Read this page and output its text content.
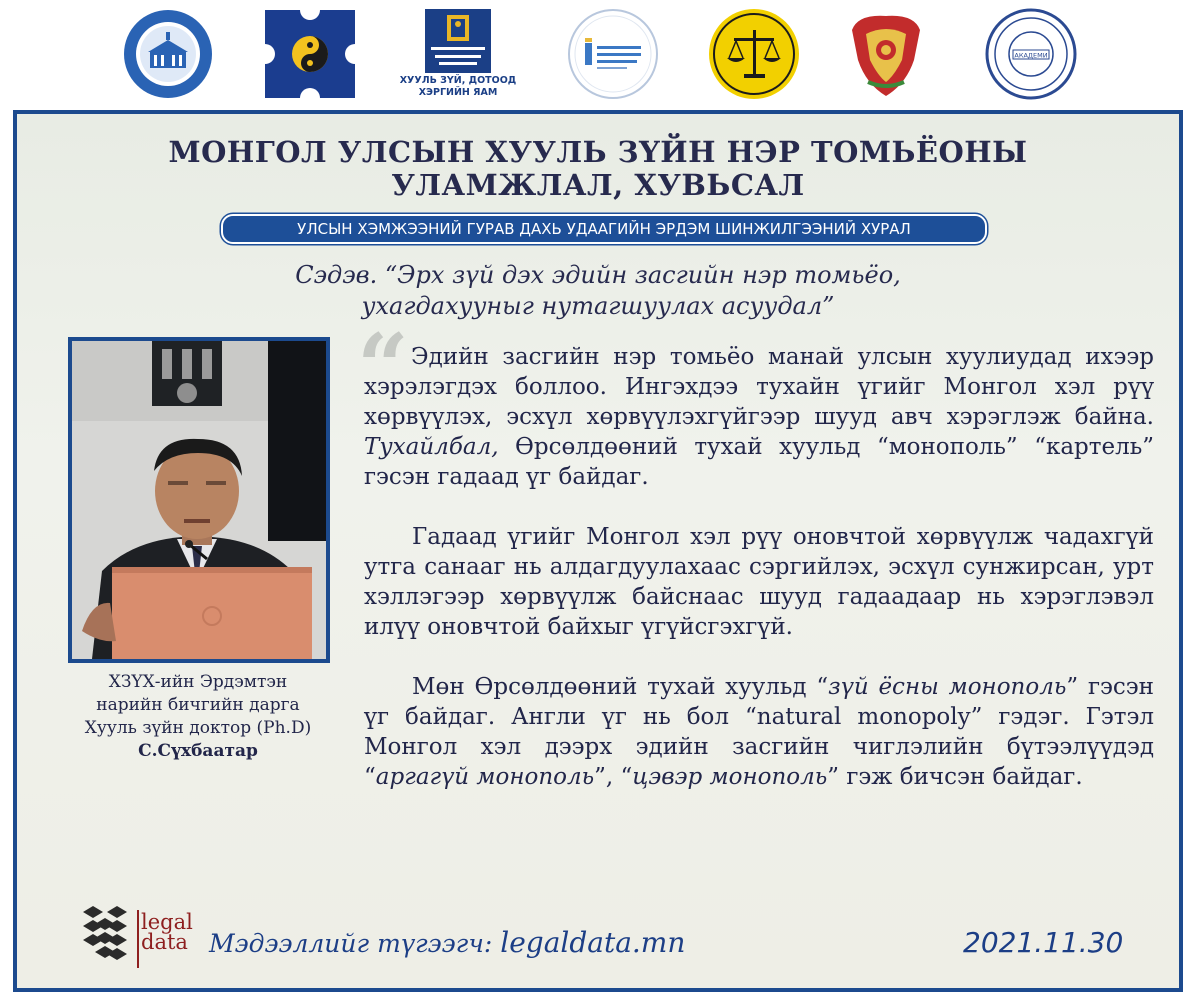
ХУУЛЬ ЗҮЙ, ДОТООД ХЭРГИЙН ЯАМ
АКАДЕМИ
МОНГОЛ УЛСЫН ХУУЛЬ ЗҮЙН НЭР ТОМЬЁОНЫ
УЛАМЖЛАЛ, ХУВЬСАЛ
УЛСЫН ХЭМЖЭЭНИЙ ГУРАВ ДАХЬ УДААГИЙН ЭРДЭМ ШИНЖИЛГЭЭНИЙ ХУРАЛ
Сэдэв. “Эрх зүй дэх эдийн засгийн нэр томьёо,
ухагдахууныг нутагшуулах асуудал”
ХЗҮХ-ийн Эрдэмтэн
нарийн бичгийн дарга
Хууль зүйн доктор (Ph.D)
С.Сүхбаатар
“ Эдийн засгийн нэр томьёо манай улсын хуулиудад ихээр хэрэлэгдэх боллоо. Ингэхдээ тухайн үгийг Монгол хэл рүү хөрвүүлэх, эсхүл хөрвүүлэхгүйгээр шууд авч хэрэглэж байна. Тухайлбал, Өрсөлдөөний тухай хуульд “монополь” “картель” гэсэн гадаад үг байдаг.

Гадаад үгийг Монгол хэл рүү оновчтой хөрвүүлж чадахгүй утга санааг нь алдагдуулахаас сэргийлэх, эсхүл сунжирсан, урт хэллэгээр хөрвүүлж байснаас шууд гадаадаар нь хэрэглэвэл илүү оновчтой байхыг үгүйсгэхгүй.

Мөн Өрсөлдөөний тухай хуульд “зүй ёсны монополь” гэсэн үг байдаг. Англи үг нь бол “natural monopoly” гэдэг. Гэтэл Монгол хэл дээрх эдийн засгийн чиглэлийн бүтээлүүдэд “аргагүй монополь”, “цэвэр монополь” гэж бичсэн байдаг.

legal
data Мэдээллийг түгээгч: legaldata.mn	2021.11.30
